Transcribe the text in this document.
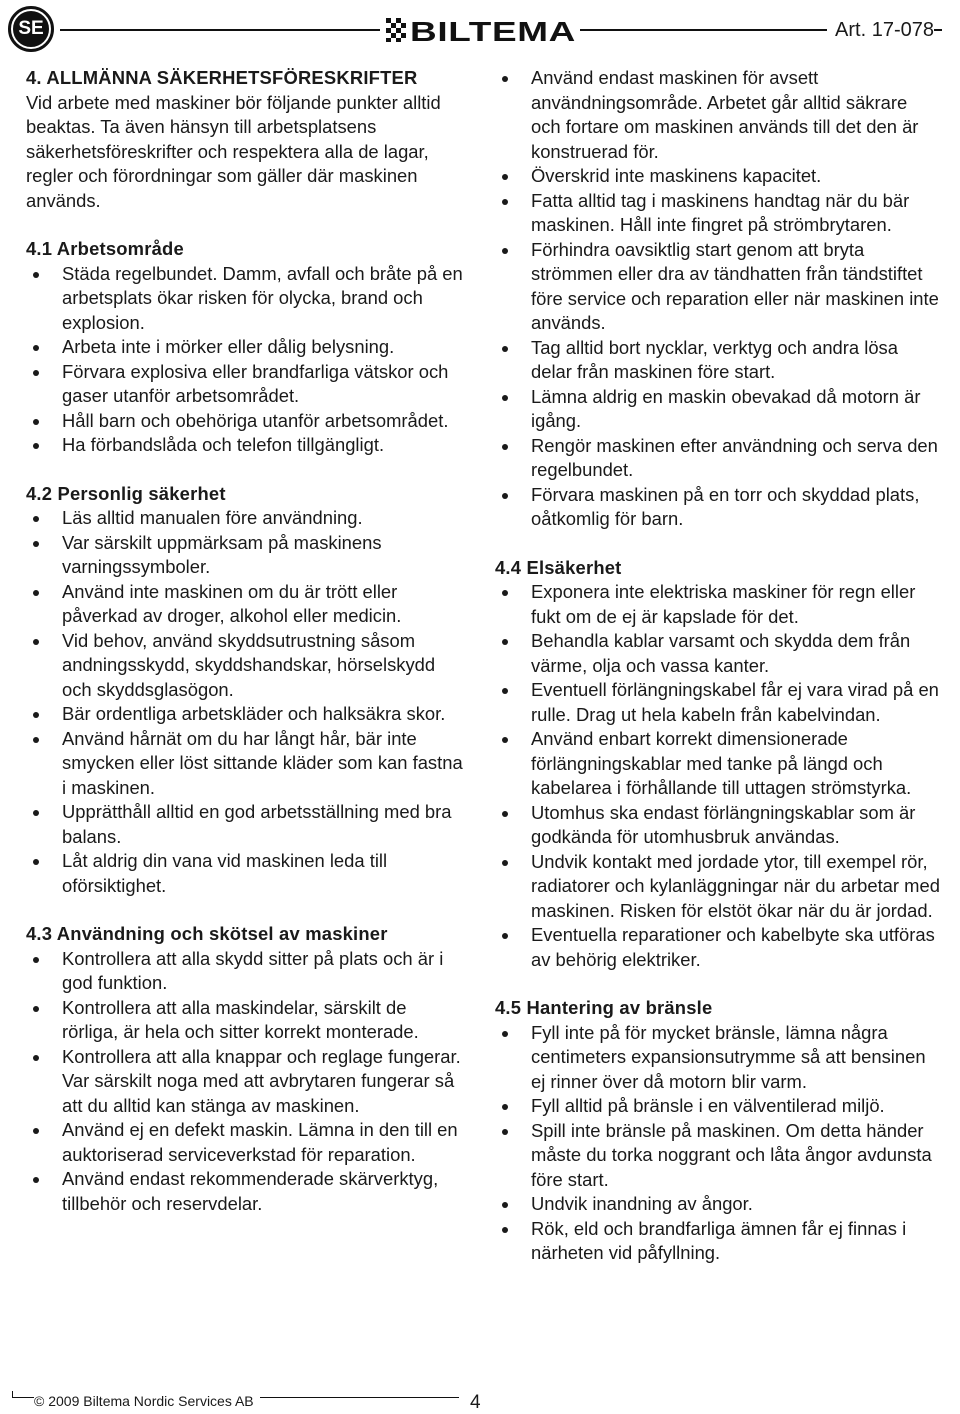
SE	BILTEMA	Art. 17-078

4. ALLMÄNNA SÄKERHETSFÖRESKRIFTER

Vid arbete med maskiner bör följande punkter alltid beaktas. Ta även hänsyn till arbetsplatsens säkerhetsföreskrifter och respektera alla de lagar, regler och förordningar som gäller där maskinen används.

4.1 Arbetsområde

Städa regelbundet. Damm, avfall och bråte på en arbetsplats ökar risken för olycka, brand och explosion.
Arbeta inte i mörker eller dålig belysning.
Förvara explosiva eller brandfarliga vätskor och gaser utanför arbetsområdet.
Håll barn och obehöriga utanför arbetsområdet.
Ha förbandslåda och telefon tillgängligt.

4.2 Personlig säkerhet

Läs alltid manualen före användning.
Var särskilt uppmärksam på maskinens varningssymboler.
Använd inte maskinen om du är trött eller påverkad av droger, alkohol eller medicin.
Vid behov, använd skyddsutrustning såsom andningsskydd, skyddshandskar, hörselskydd och skyddsglasögon.
Bär ordentliga arbetskläder och halksäkra skor.
Använd hårnät om du har långt hår, bär inte smycken eller löst sittande kläder som kan fastna i maskinen.
Upprätthåll alltid en god arbetsställning med bra balans.
Låt aldrig din vana vid maskinen leda till oförsiktighet.

4.3 Användning och skötsel av maskiner

Kontrollera att alla skydd sitter på plats och är i god funktion.
Kontrollera att alla maskindelar, särskilt de rörliga, är hela och sitter korrekt monterade.
Kontrollera att alla knappar och reglage fungerar. Var särskilt noga med att avbrytaren fungerar så att du alltid kan stänga av maskinen.
Använd ej en defekt maskin. Lämna in den till en auktoriserad serviceverkstad för reparation.
Använd endast rekommenderade skärverktyg, tillbehör och reservdelar.
Använd endast maskinen för avsett användningsområde. Arbetet går alltid säkrare och fortare om maskinen används till det den är konstruerad för.
Överskrid inte maskinens kapacitet.
Fatta alltid tag i maskinens handtag när du bär maskinen. Håll inte fingret på strömbrytaren.
Förhindra oavsiktlig start genom att bryta strömmen eller dra av tändhatten från tändstiftet före service och reparation eller när maskinen inte används.
Tag alltid bort nycklar, verktyg och andra lösa delar från maskinen före start.
Lämna aldrig en maskin obevakad då motorn är igång.
Rengör maskinen efter användning och serva den regelbundet.
Förvara maskinen på en torr och skyddad plats, oåtkomlig för barn.

4.4 Elsäkerhet

Exponera inte elektriska maskiner för regn eller fukt om de ej är kapslade för det.
Behandla kablar varsamt och skydda dem från värme, olja och vassa kanter.
Eventuell förlängningskabel får ej vara virad på en rulle. Drag ut hela kabeln från kabelvindan.
Använd enbart korrekt dimensionerade förlängningskablar med tanke på längd och kabelarea i förhållande till uttagen strömstyrka.
Utomhus ska endast förlängningskablar som är godkända för utomhusbruk användas.
Undvik kontakt med jordade ytor, till exempel rör, radiatorer och kylanläggningar när du arbetar med maskinen. Risken för elstöt ökar när du är jordad.
Eventuella reparationer och kabelbyte ska utföras av behörig elektriker.

4.5 Hantering av bränsle

Fyll inte på för mycket bränsle, lämna några centimeters expansionsutrymme så att bensinen ej rinner över då motorn blir varm.
Fyll alltid på bränsle i en välventilerad miljö.
Spill inte bränsle på maskinen. Om detta händer måste du torka noggrant och låta ångor avdunsta före start.
Undvik inandning av ångor.
Rök, eld och brandfarliga ämnen får ej finnas i närheten vid påfyllning.
© 2009 Biltema Nordic Services AB	4
